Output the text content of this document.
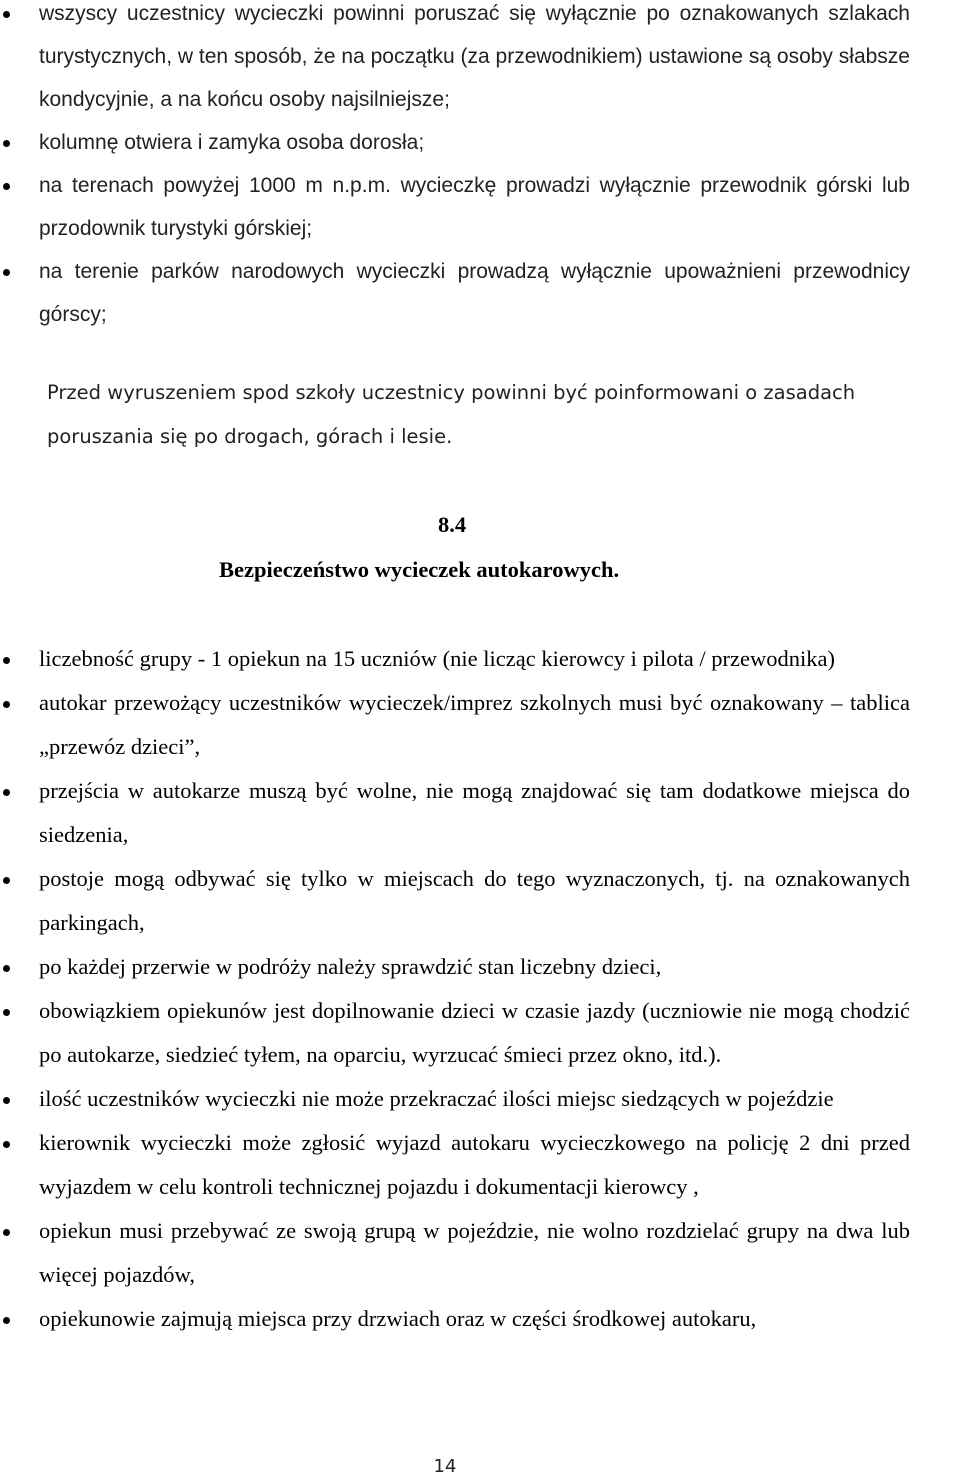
wszyscy uczestnicy wycieczki powinni poruszać się wyłącznie po oznakowanych szlakach turystycznych, w ten sposób, że na początku (za przewodnikiem) ustawione są osoby słabsze kondycyjnie, a na końcu osoby najsilniejsze;
kolumnę otwiera i zamyka osoba dorosła;
na terenach powyżej 1000 m n.p.m. wycieczkę prowadzi wyłącznie przewodnik górski lub przodownik turystyki górskiej;
na terenie parków narodowych wycieczki prowadzą wyłącznie upoważnieni przewodnicy górscy;
Przed wyruszeniem spod szkoły uczestnicy powinni być poinformowani o zasadach poruszania się po drogach, górach i lesie.
8.4
Bezpieczeństwo wycieczek autokarowych.
liczebność grupy - 1 opiekun na 15 uczniów (nie licząc kierowcy i pilota / przewodnika)
autokar przewożący uczestników wycieczek/imprez szkolnych musi być oznakowany – tablica „przewóz dzieci”,
przejścia w autokarze muszą być wolne, nie mogą znajdować się tam dodatkowe miejsca do siedzenia,
postoje mogą odbywać się tylko w miejscach do tego wyznaczonych, tj. na oznakowanych parkingach,
po każdej przerwie w podróży należy sprawdzić stan liczebny dzieci,
obowiązkiem opiekunów jest dopilnowanie dzieci w czasie jazdy (uczniowie nie mogą chodzić po autokarze, siedzieć tyłem, na oparciu, wyrzucać śmieci przez okno, itd.).
ilość uczestników wycieczki nie może przekraczać ilości miejsc siedzących w pojeździe
kierownik wycieczki może zgłosić wyjazd autokaru wycieczkowego na policję 2 dni przed wyjazdem w celu kontroli technicznej pojazdu i dokumentacji kierowcy ,
opiekun musi przebywać ze swoją grupą w pojeździe, nie wolno rozdzielać grupy na dwa lub więcej pojazdów,
opiekunowie zajmują miejsca przy drzwiach oraz w części środkowej autokaru,
14
